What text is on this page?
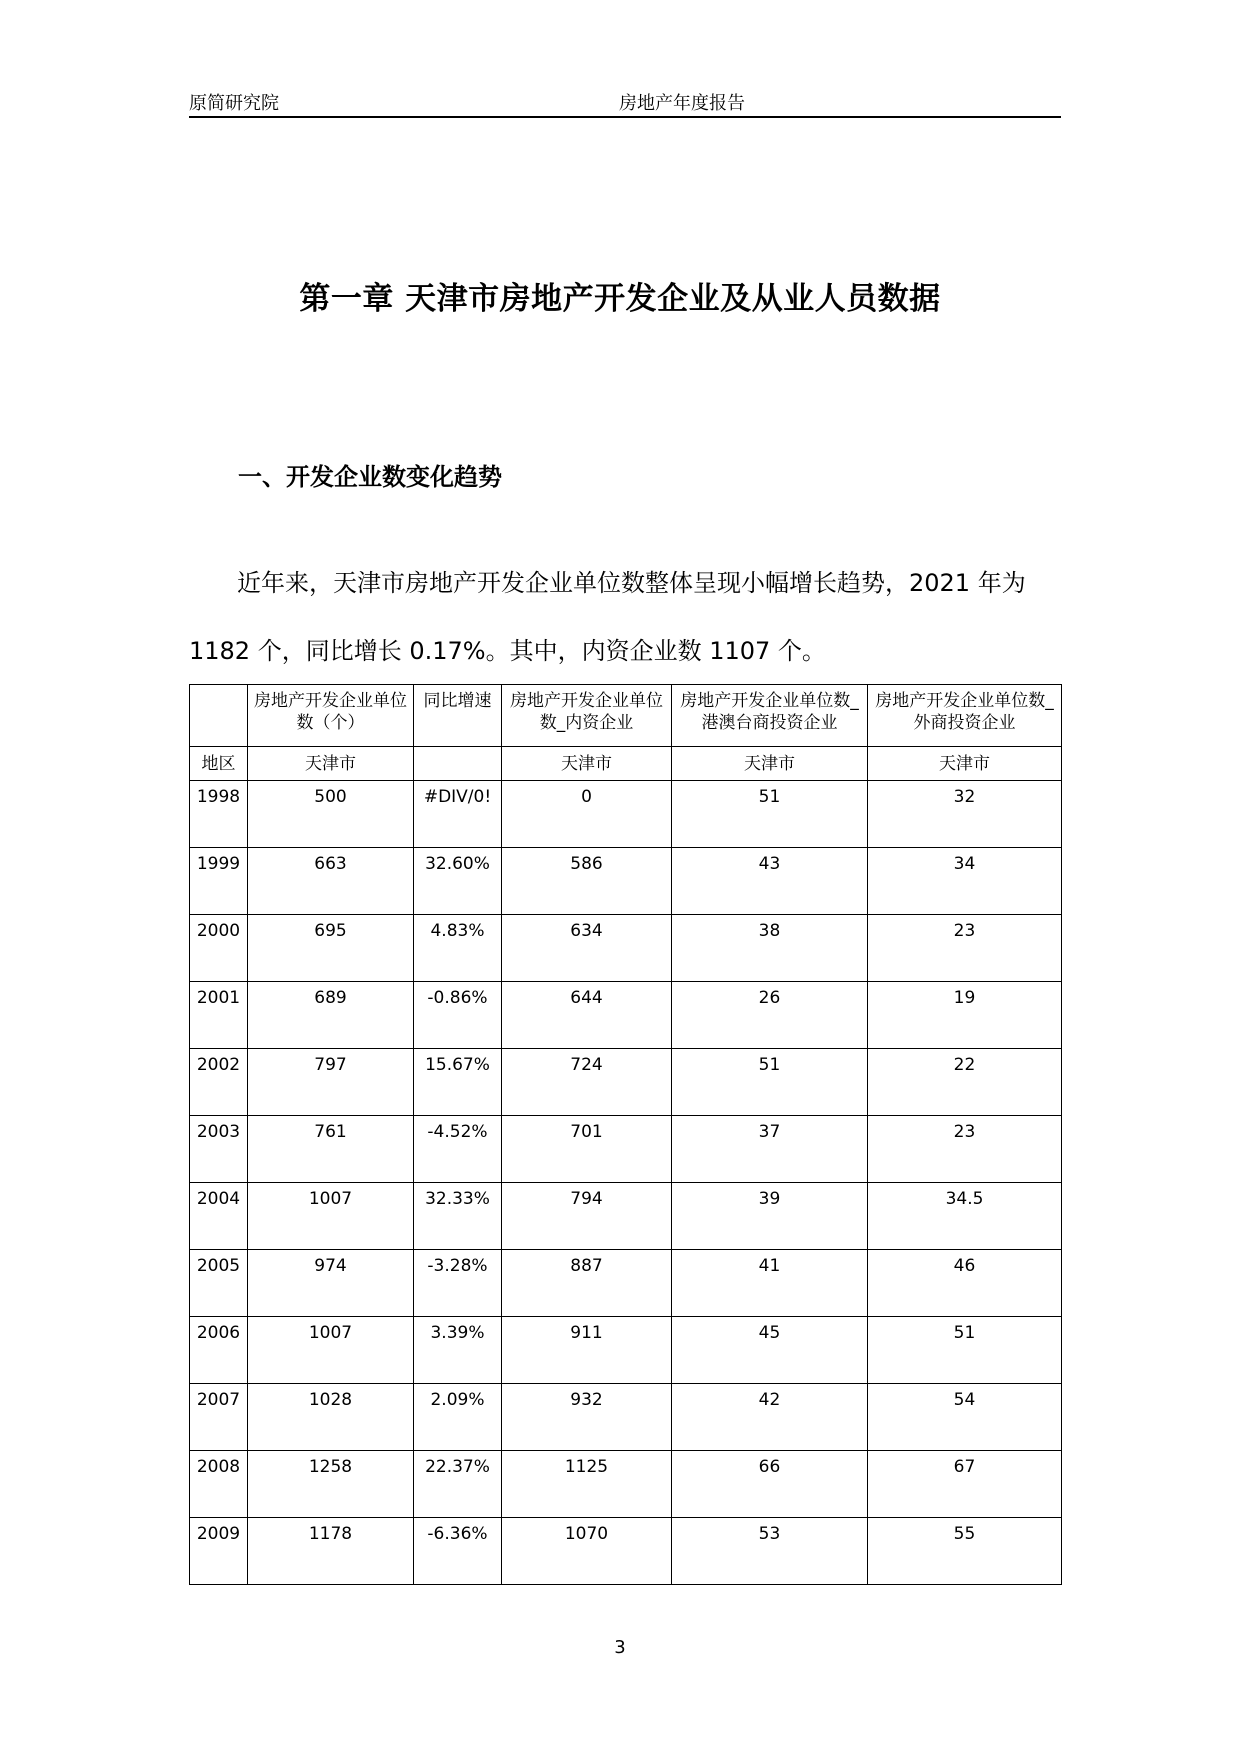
原简研究院	房地产年度报告
第一章 天津市房地产开发企业及从业人员数据
一、开发企业数变化趋势
近年来，天津市房地产开发企业单位数整体呈现小幅增长趋势，2021 年为 1182 个，同比增长 0.17%。其中，内资企业数 1107 个。
	房地产开发企业单位数（个）	同比增速	房地产开发企业单位数_内资企业	房地产开发企业单位数_港澳台商投资企业	房地产开发企业单位数_外商投资企业
地区	天津市		天津市	天津市	天津市
1998	500	#DIV/0!	0	51	32
1999	663	32.60%	586	43	34
2000	695	4.83%	634	38	23
2001	689	-0.86%	644	26	19
2002	797	15.67%	724	51	22
2003	761	-4.52%	701	37	23
2004	1007	32.33%	794	39	34.5
2005	974	-3.28%	887	41	46
2006	1007	3.39%	911	45	51
2007	1028	2.09%	932	42	54
2008	1258	22.37%	1125	66	67
2009	1178	-6.36%	1070	53	55
3
